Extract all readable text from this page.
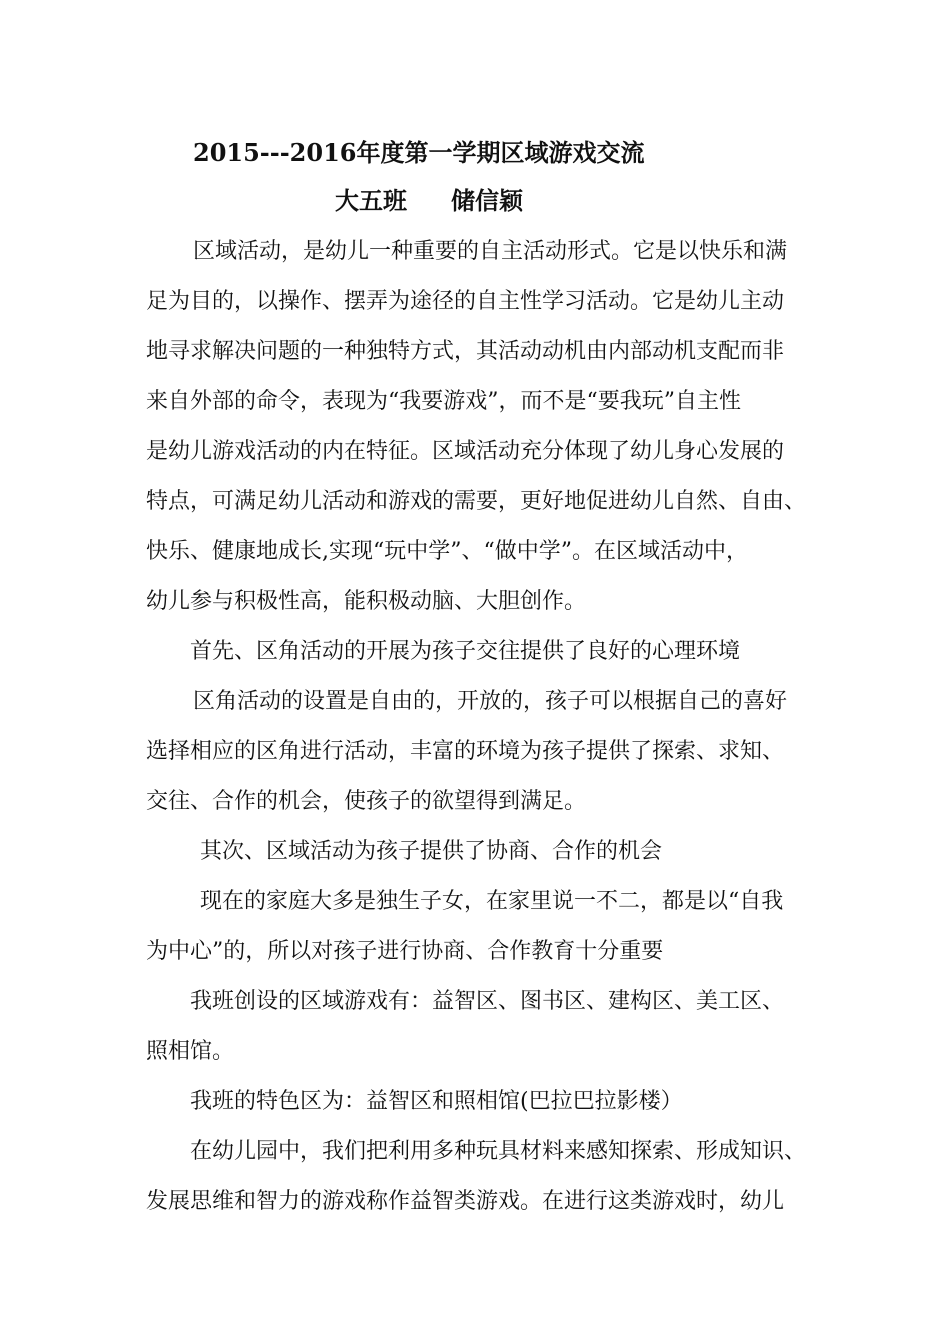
2015---2016年度第一学期区域游戏交流
大五班 储信颖
区域活动，是幼儿一种重要的自主活动形式。它是以快乐和满
足为目的，以操作、摆弄为途径的自主性学习活动。它是幼儿主动
地寻求解决问题的一种独特方式，其活动动机由内部动机支配而非
来自外部的命令，表现为“我要游戏”，而不是“要我玩”自主性
是幼儿游戏活动的内在特征。区域活动充分体现了幼儿身心发展的
特点，可满足幼儿活动和游戏的需要，更好地促进幼儿自然、自由、
快乐、健康地成长,实现“玩中学”、“做中学”。在区域活动中，
幼儿参与积极性高，能积极动脑、大胆创作。
首先、区角活动的开展为孩子交往提供了良好的心理环境
区角活动的设置是自由的，开放的，孩子可以根据自己的喜好
选择相应的区角进行活动，丰富的环境为孩子提供了探索、求知、
交往、合作的机会，使孩子的欲望得到满足。
其次、区域活动为孩子提供了协商、合作的机会
现在的家庭大多是独生子女，在家里说一不二，都是以“自我
为中心”的，所以对孩子进行协商、合作教育十分重要
我班创设的区域游戏有：益智区、图书区、建构区、美工区、
照相馆。
我班的特色区为：益智区和照相馆(巴拉巴拉影楼）
在幼儿园中，我们把利用多种玩具材料来感知探索、形成知识、
发展思维和智力的游戏称作益智类游戏。在进行这类游戏时，幼儿
